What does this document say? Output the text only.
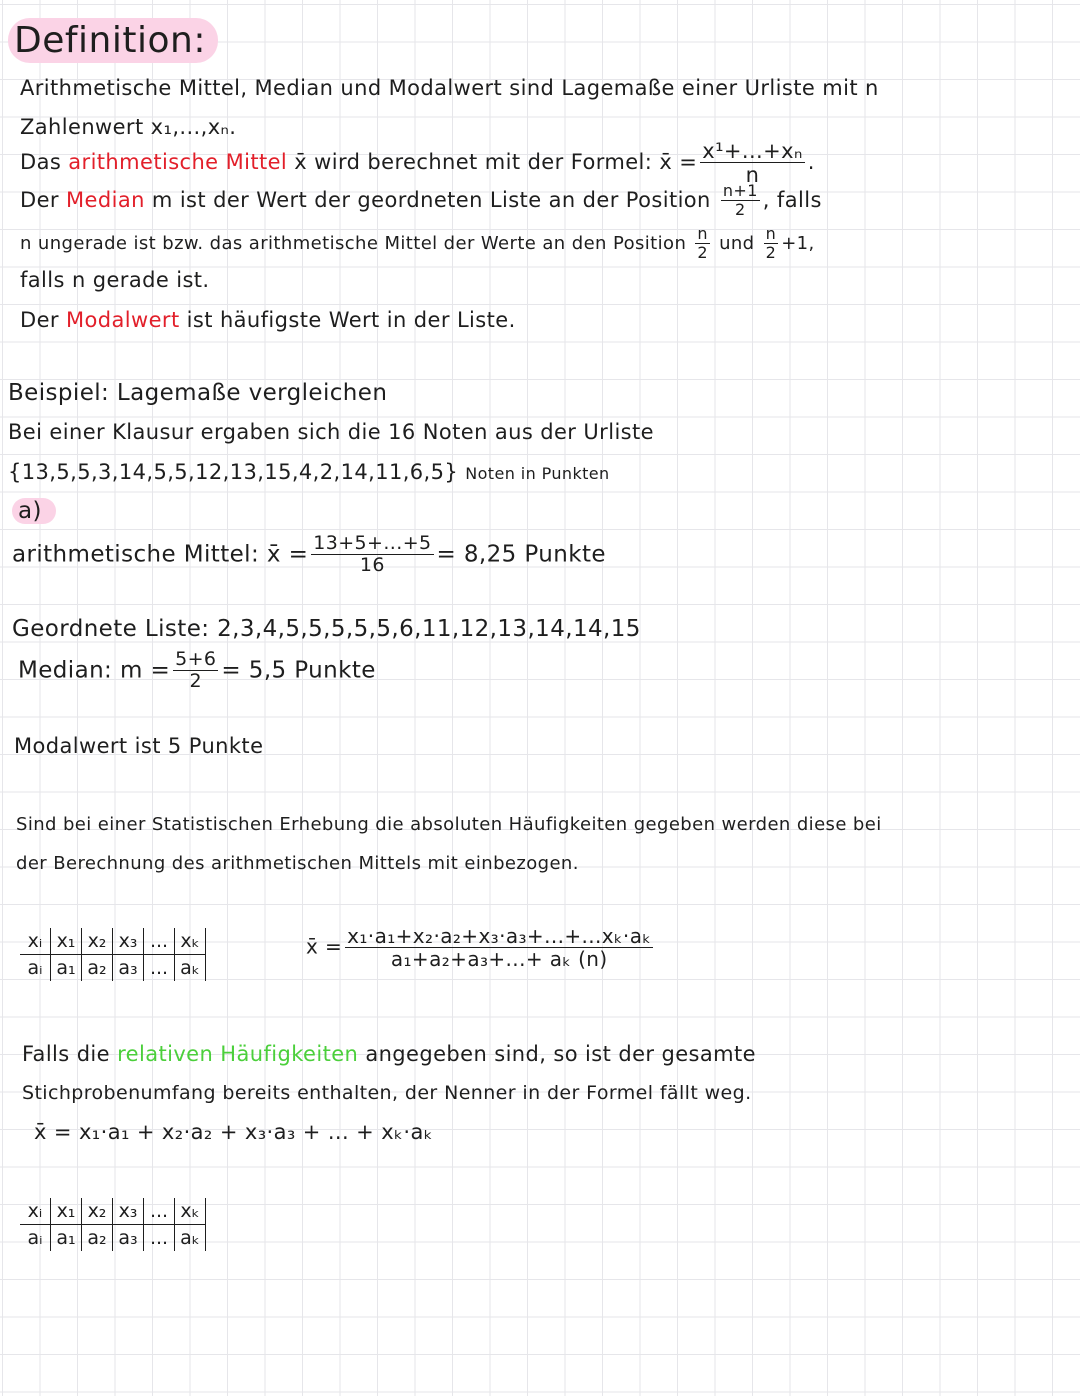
Definition:
Arithmetische Mittel, Median und Modalwert sind Lagemaße einer Urliste mit n
Zahlenwert x₁,...,xₙ.
Das arithmetische Mittel x̄ wird berechnet mit der Formel: x̄ = $\frac{\text{x¹+...+xₙ}}{n}$ .
Der Median m ist der Wert der geordneten Liste an der Position $\frac{n+1}{2}$ , falls
n ungerade ist bzw. das arithmetische Mittel der Werte an den Position $\frac{n}{2}$ und $\frac{n}{2} +1$,
falls n gerade ist.
Der Modalwert ist häufigste Wert in der Liste.
Beispiel: Lagemaße vergleichen
Bei einer Klausur ergaben sich die 16 Noten aus der Urliste
{13,5,5,3,14,5,5,12,13,15,4,2,14,11,6,5} Noten in Punkten
a)
arithmetische Mittel: x̄ = $\frac{13+5+...+5}{16} = 8,25$ Punkte
Geordnete Liste: 2,3,4,5,5,5,5,5,6,11,12,13,14,14,15
Median: $m = \frac{5+6}{2} = 5,5$ Punkte
Modalwert ist 5 Punkte
Sind bei einer Statistischen Erhebung die absoluten Häufigkeiten gegeben werden diese bei
der Berechnung des arithmetischen Mittels mit einbezogen.
xᵢ	x₁	x₂	x₃	...	xₖ
aᵢ	a₁	a₂	a₃	...	aₖ
x̄ = $\frac{\text{x₁·a₁+x₂·a₂+x₃·a₃+...+...xₖ·aₖ}}{\text{a₁+a₂+a₃+...+ aₖ (n)}}$
Falls die relativen Häufigkeiten angegeben sind, so ist der gesamte
Stichprobenumfang bereits enthalten, der Nenner in der Formel fällt weg.
x̄ = x₁·a₁ + x₂·a₂ + x₃·a₃ + ... + xₖ·aₖ
xᵢ	x₁	x₂	x₃	...	xₖ
aᵢ	a₁	a₂	a₃	...	aₖ
